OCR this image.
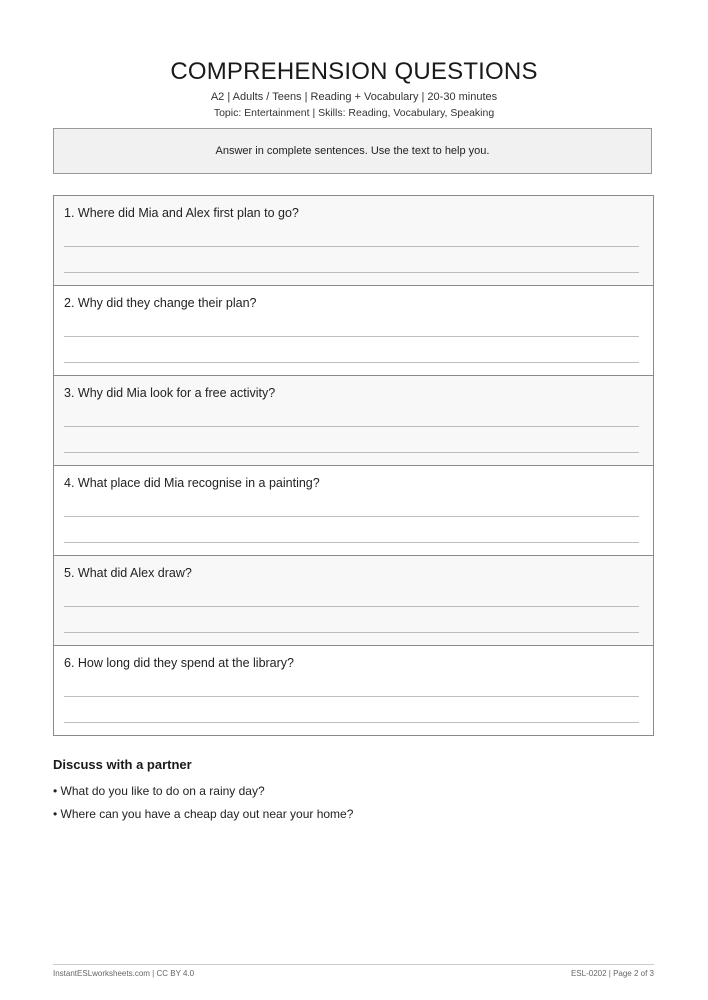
COMPREHENSION QUESTIONS
A2 | Adults / Teens | Reading + Vocabulary | 20-30 minutes
Topic: Entertainment | Skills: Reading, Vocabulary, Speaking
Answer in complete sentences. Use the text to help you.
1. Where did Mia and Alex first plan to go?
2. Why did they change their plan?
3. Why did Mia look for a free activity?
4. What place did Mia recognise in a painting?
5. What did Alex draw?
6. How long did they spend at the library?
Discuss with a partner
• What do you like to do on a rainy day?
• Where can you have a cheap day out near your home?
InstantESLworksheets.com | CC BY 4.0	ESL-0202 | Page 2 of 3
